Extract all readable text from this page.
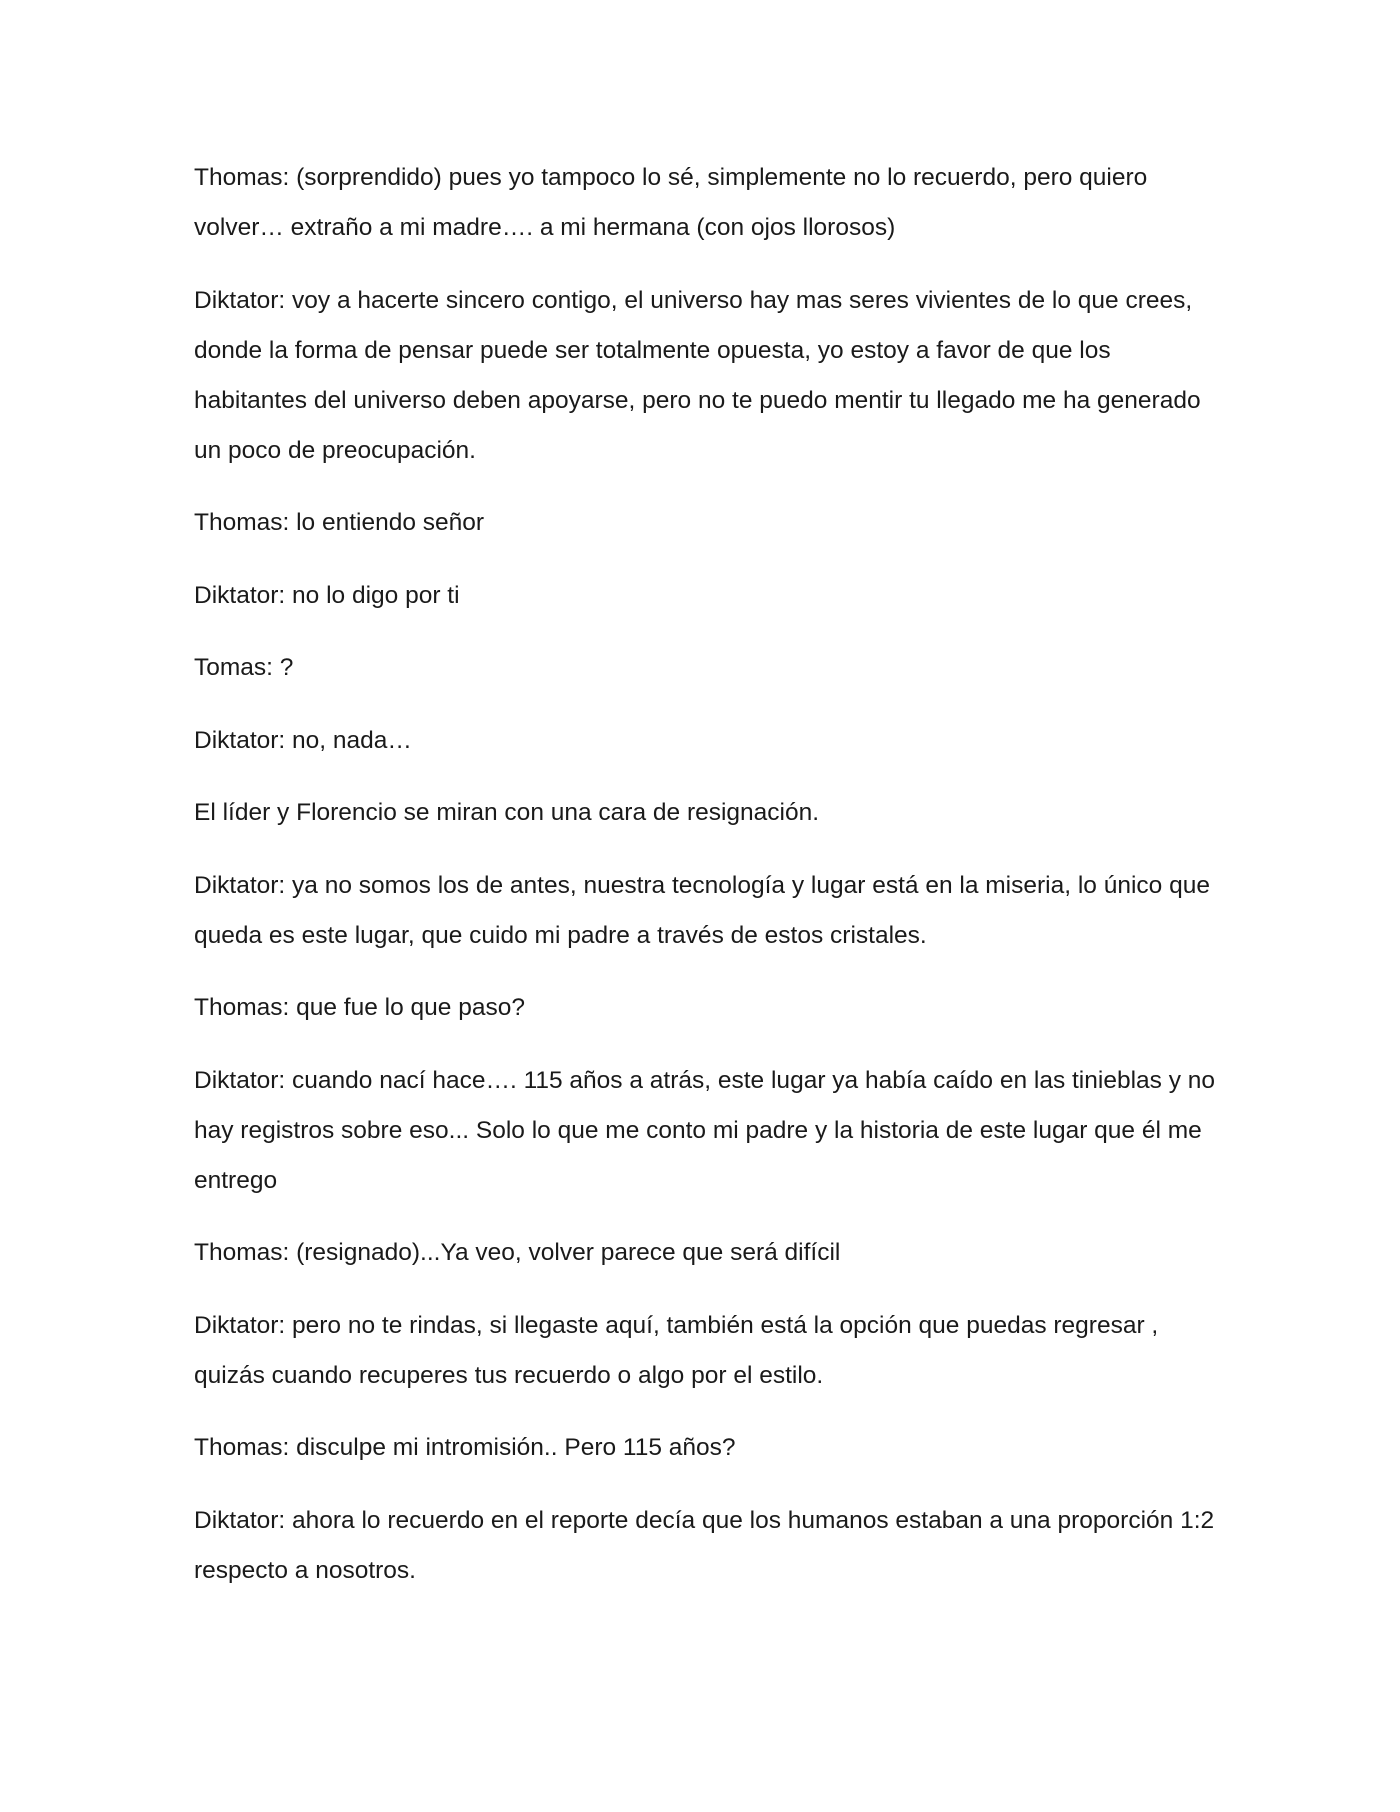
Thomas: (sorprendido) pues yo tampoco lo sé, simplemente no lo recuerdo, pero quiero volver… extraño a mi madre…. a mi hermana (con ojos llorosos)

Diktator: voy a hacerte sincero contigo, el universo hay mas seres vivientes de lo que crees, donde la forma de pensar puede ser totalmente opuesta, yo estoy a favor de que los habitantes del universo deben apoyarse, pero no te puedo mentir tu llegado me ha generado un poco de preocupación.

Thomas: lo entiendo señor

Diktator: no lo digo por ti

Tomas: ?

Diktator: no, nada…

El líder y Florencio se miran con una cara de resignación.

Diktator: ya no somos los de antes, nuestra tecnología y lugar está en la miseria, lo único que queda es este lugar, que cuido mi padre a través de estos cristales.

Thomas: que fue lo que paso?

Diktator: cuando nací hace…. 115 años a atrás, este lugar ya había caído en las tinieblas y no hay registros sobre eso... Solo lo que me conto mi padre y la historia de este lugar que él me entrego

Thomas: (resignado)...Ya veo, volver parece que será difícil

Diktator: pero no te rindas, si llegaste aquí, también está la opción que puedas regresar , quizás cuando recuperes tus recuerdo o algo por el estilo.

Thomas: disculpe mi intromisión.. Pero 115 años?

Diktator: ahora lo recuerdo en el reporte decía que los humanos estaban a una proporción 1:2 respecto a nosotros.
